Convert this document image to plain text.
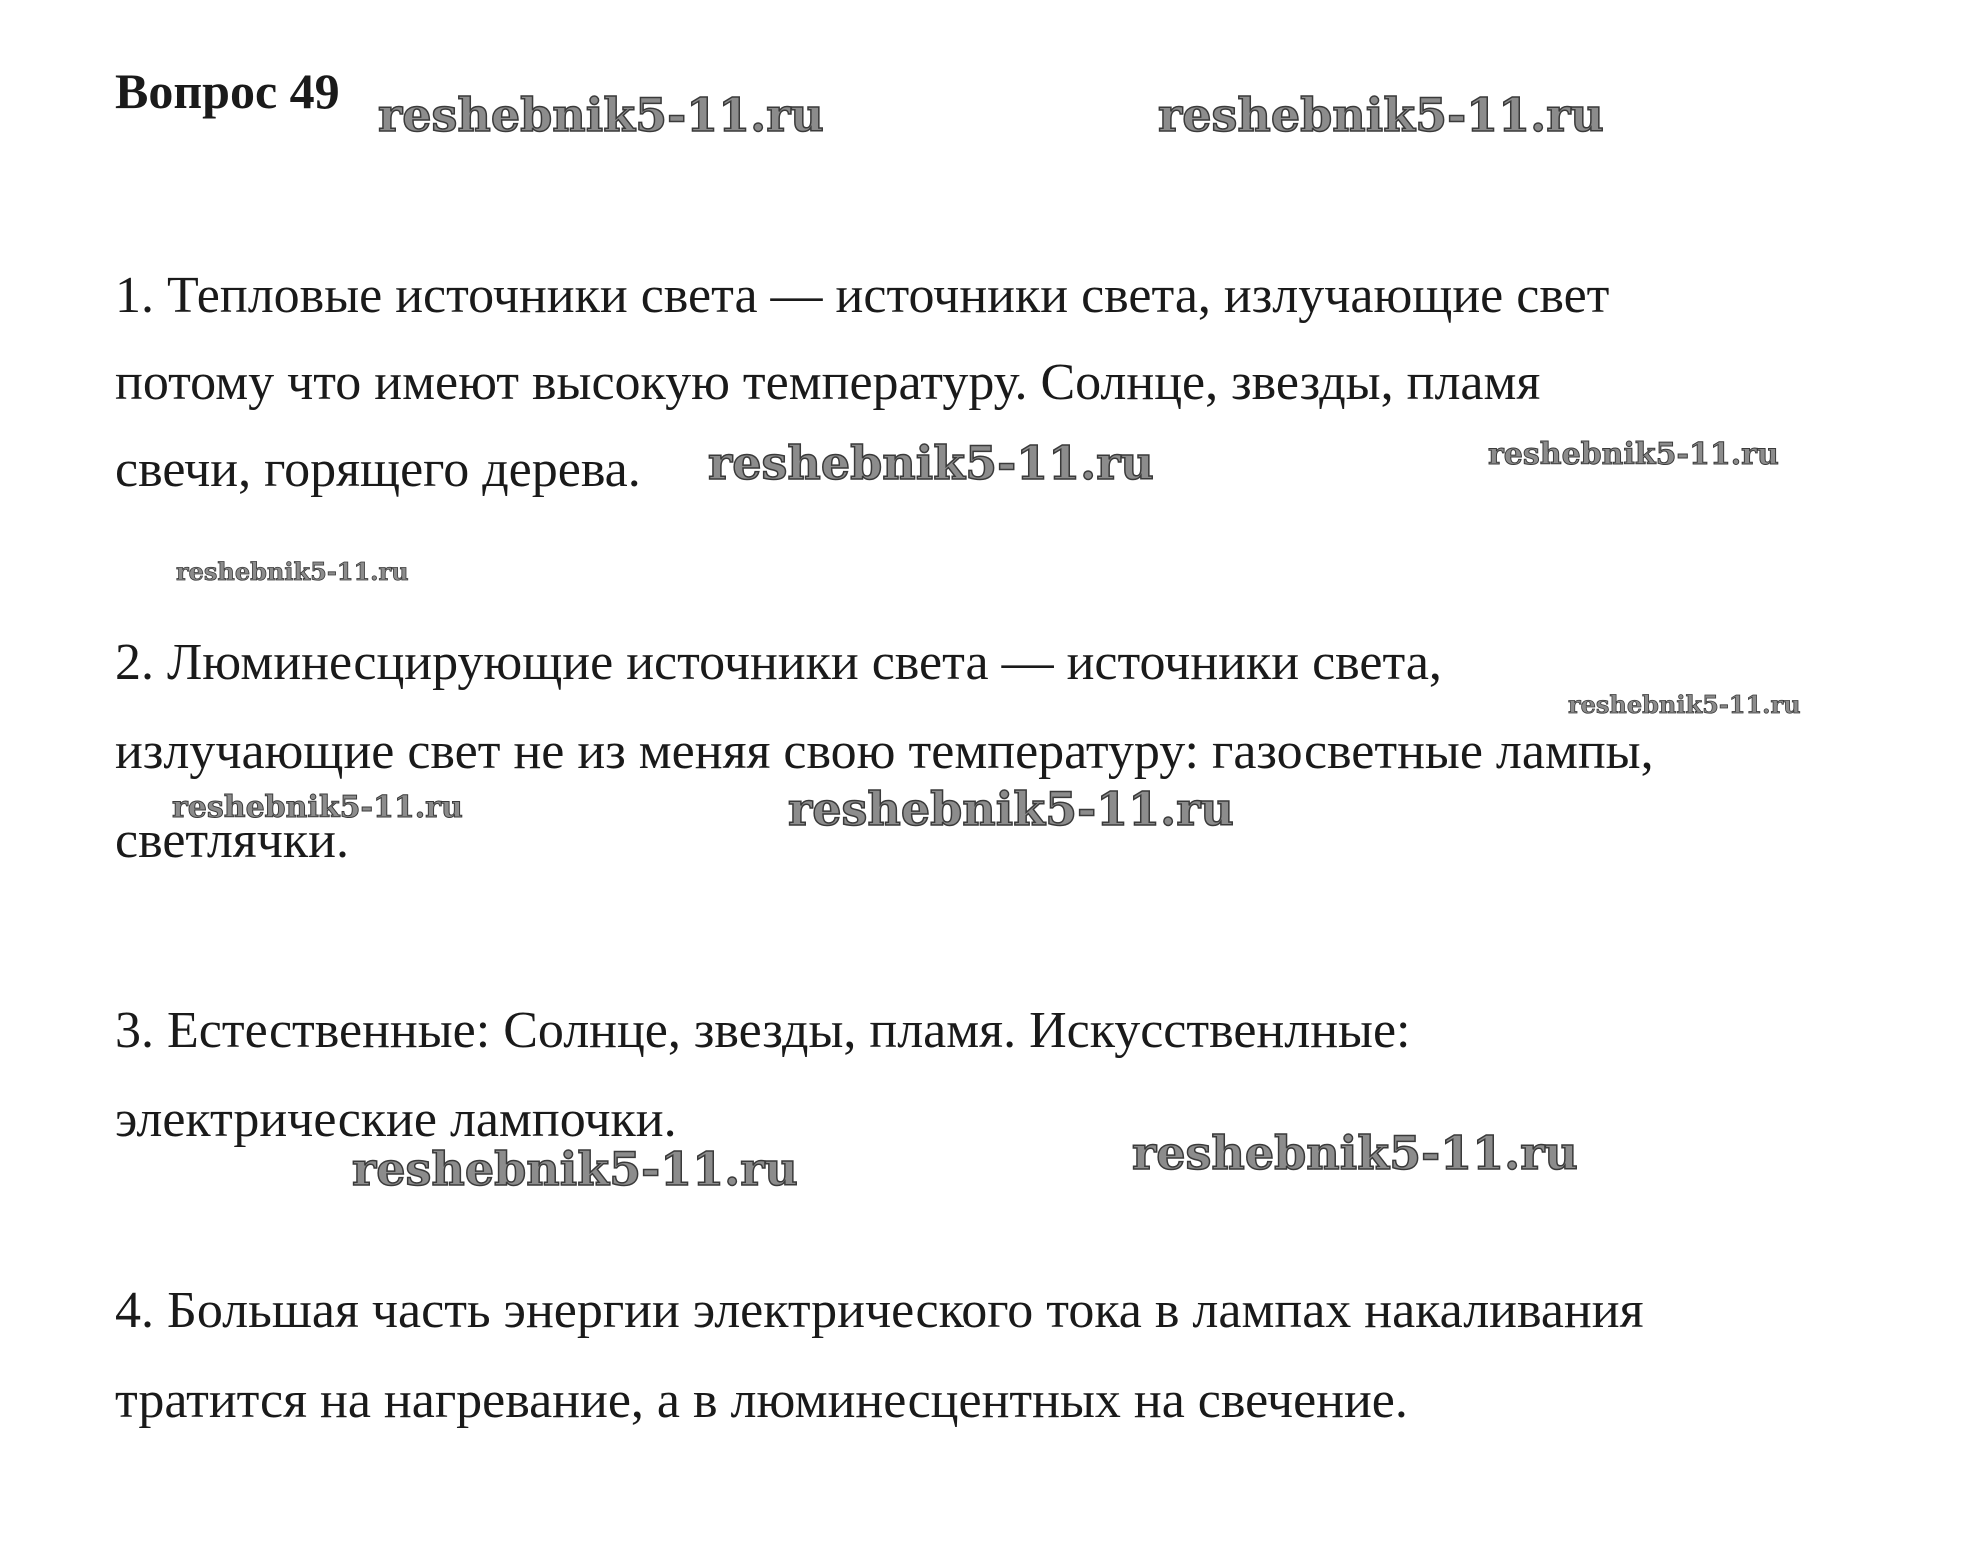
Вопрос 49
1. Тепловые источники света — источники света, излучающие свет
потому что имеют высокую температуру. Солнце, звезды, пламя
свечи, горящего дерева.
2. Люминесцирующие источники света — источники света,
излучающие свет не из меняя свою температуру: газосветные лампы,
светлячки.
3. Естественные: Солнце, звезды, пламя. Искусственлные:
электрические лампочки.
4. Большая часть энергии электрического тока в лампах накаливания
тратится на нагревание, а в люминесцентных на свечение.
reshebnik5-11.ru	reshebnik5-11.ru
reshebnik5-11.ru	reshebnik5-11.ru
reshebnik5-11.ru
reshebnik5-11.ru
reshebnik5-11.ru	reshebnik5-11.ru
reshebnik5-11.ru
reshebnik5-11.ru
